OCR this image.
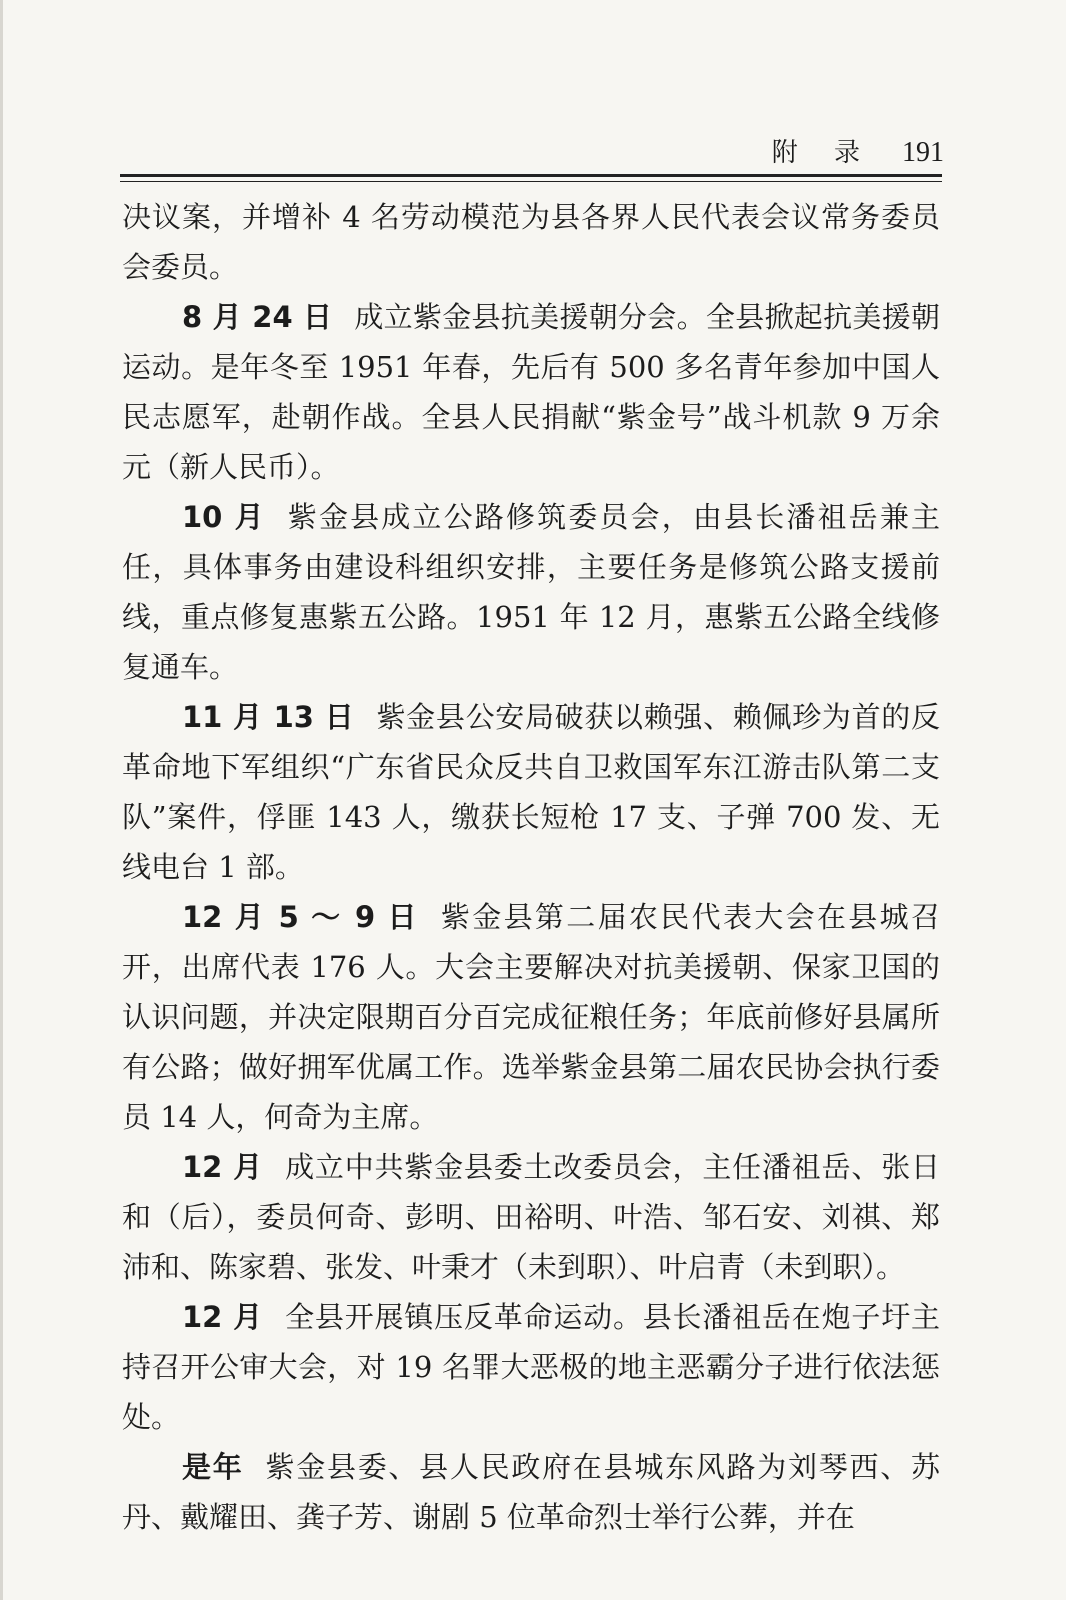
附 录 191

决议案，并增补 4 名劳动模范为县各界人民代表会议常务委员会委员。

8 月 24 日 成立紫金县抗美援朝分会。全县掀起抗美援朝运动。是年冬至 1951 年春，先后有 500 多名青年参加中国人民志愿军，赴朝作战。全县人民捐献“紫金号”战斗机款 9 万余元（新人民币）。

10 月 紫金县成立公路修筑委员会，由县长潘祖岳兼主任，具体事务由建设科组织安排，主要任务是修筑公路支援前线，重点修复惠紫五公路。1951 年 12 月，惠紫五公路全线修复通车。

11 月 13 日 紫金县公安局破获以赖强、赖佩珍为首的反革命地下军组织“广东省民众反共自卫救国军东江游击队第二支队”案件，俘匪 143 人，缴获长短枪 17 支、子弹 700 发、无线电台 1 部。

12 月 5 ～ 9 日 紫金县第二届农民代表大会在县城召开，出席代表 176 人。大会主要解决对抗美援朝、保家卫国的认识问题，并决定限期百分百完成征粮任务；年底前修好县属所有公路；做好拥军优属工作。选举紫金县第二届农民协会执行委员 14 人，何奇为主席。

12 月 成立中共紫金县委土改委员会，主任潘祖岳、张日和（后），委员何奇、彭明、田裕明、叶浩、邹石安、刘祺、郑沛和、陈家碧、张发、叶秉才（未到职）、叶启青（未到职）。

12 月 全县开展镇压反革命运动。县长潘祖岳在炮子圩主持召开公审大会，对 19 名罪大恶极的地主恶霸分子进行依法惩处。

是年 紫金县委、县人民政府在县城东风路为刘琴西、苏丹、戴耀田、龚子芳、谢剧 5 位革命烈士举行公葬，并在
